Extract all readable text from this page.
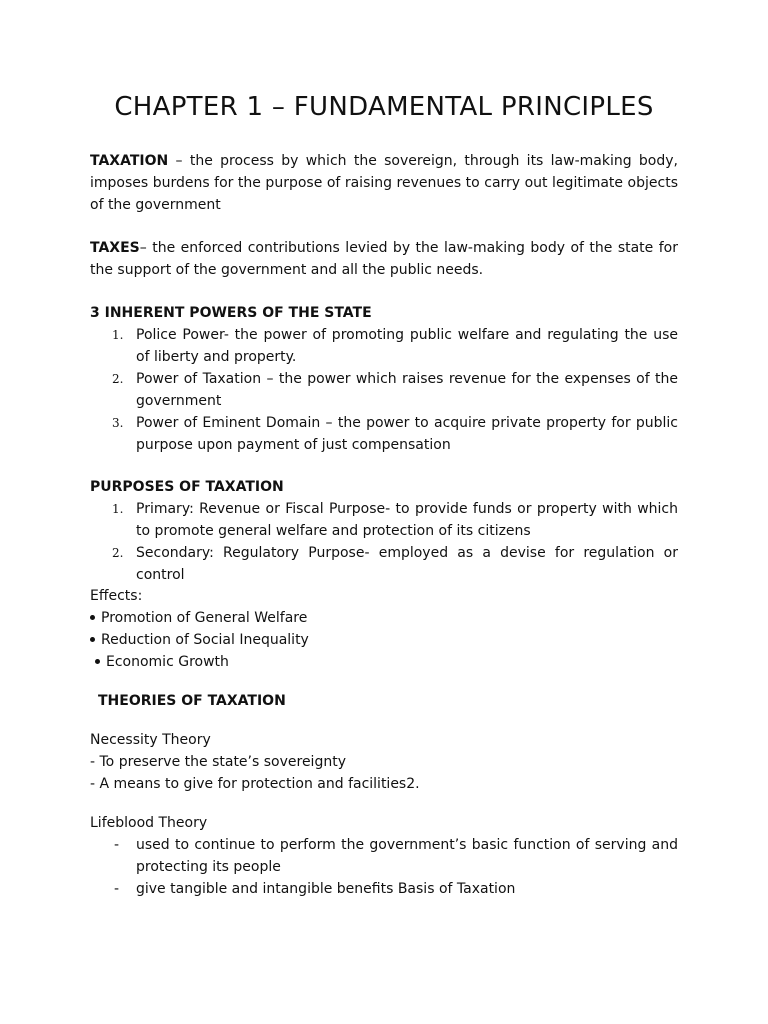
CHAPTER 1 – FUNDAMENTAL PRINCIPLES

TAXATION – the process by which the sovereign, through its law-making body, imposes burdens for the purpose of raising revenues to carry out legitimate objects of the government

TAXES– the enforced contributions levied by the law-making body of the state for the support of the government and all the public needs.

3 INHERENT POWERS OF THE STATE
1. Police Power- the power of promoting public welfare and regulating the use of liberty and property.
2. Power of Taxation – the power which raises revenue for the expenses of the government
3. Power of Eminent Domain – the power to acquire private property for public purpose upon payment of just compensation
PURPOSES OF TAXATION
1. Primary: Revenue or Fiscal Purpose- to provide funds or property with which to promote general welfare and protection of its citizens
2. Secondary: Regulatory Purpose- employed as a devise for regulation or control

Effects:

Promotion of General Welfare

Reduction of Social Inequality

Economic Growth

THEORIES OF TAXATION

Necessity Theory

- To preserve the state’s sovereignty

- A means to give for protection and facilities2.

Lifeblood Theory

- used to continue to perform the government’s basic function of serving and protecting its people
- give tangible and intangible benefits Basis of Taxation
